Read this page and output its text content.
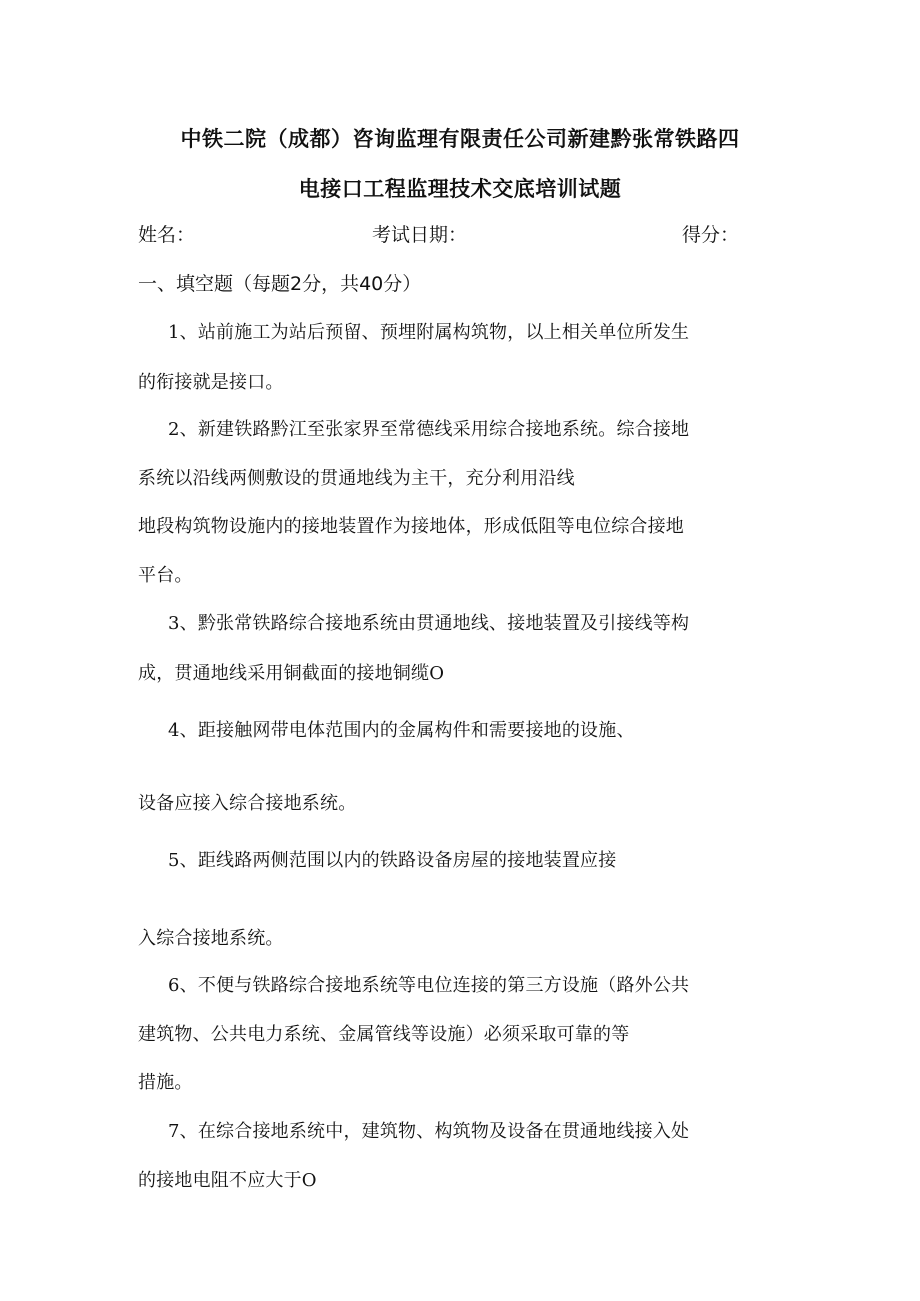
中铁二院（成都）咨询监理有限责任公司新建黔张常铁路四
电接口工程监理技术交底培训试题
姓名：	考试日期：	得分：
一、填空题（每题2分，共40分）
1、站前施工为站后预留、预埋附属构筑物，以上相关单位所发生
的衔接就是接口。
2、新建铁路黔江至张家界至常德线采用综合接地系统。综合接地
系统以沿线两侧敷设的贯通地线为主干，充分利用沿线
地段构筑物设施内的接地装置作为接地体，形成低阻等电位综合接地
平台。
3、黔张常铁路综合接地系统由贯通地线、接地装置及引接线等构
成，贯通地线采用铜截面的接地铜缆O
4、距接触网带电体范围内的金属构件和需要接地的设施、
设备应接入综合接地系统。
5、距线路两侧范围以内的铁路设备房屋的接地装置应接
入综合接地系统。
6、不便与铁路综合接地系统等电位连接的第三方设施（路外公共
建筑物、公共电力系统、金属管线等设施）必须采取可靠的等
措施。
7、在综合接地系统中，建筑物、构筑物及设备在贯通地线接入处
的接地电阻不应大于O
